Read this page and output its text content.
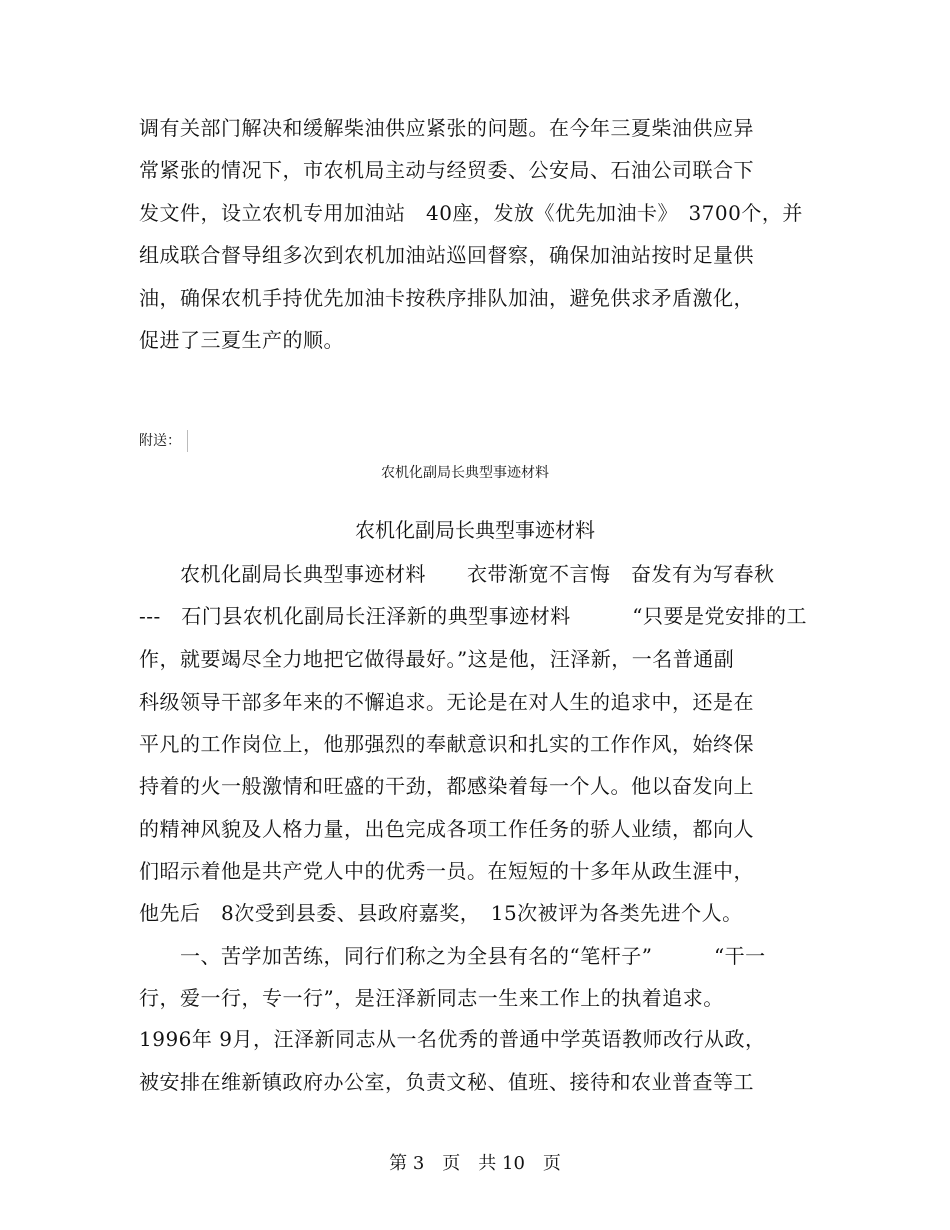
调有关部门解决和缓解柴油供应紧张的问题。在今年三夏柴油供应异
常紧张的情况下，市农机局主动与经贸委、公安局、石油公司联合下
发文件，设立农机专用加油站　40座，发放《优先加油卡》　3700个，并
组成联合督导组多次到农机加油站巡回督察，确保加油站按时足量供
油，确保农机手持优先加油卡按秩序排队加油，避免供求矛盾激化，
促进了三夏生产的顺。
附送：
农机化副局长典型事迹材料
农机化副局长典型事迹材料
　　农机化副局长典型事迹材料　　衣带渐宽不言悔　奋发有为写春秋
---　石门县农机化副局长汪泽新的典型事迹材料　　　“只要是党安排的工
作，就要竭尽全力地把它做得最好。”这是他，汪泽新，一名普通副
科级领导干部多年来的不懈追求。无论是在对人生的追求中，还是在
平凡的工作岗位上，他那强烈的奉献意识和扎实的工作作风，始终保
持着的火一般激情和旺盛的干劲，都感染着每一个人。他以奋发向上
的精神风貌及人格力量，出色完成各项工作任务的骄人业绩，都向人
们昭示着他是共产党人中的优秀一员。在短短的十多年从政生涯中，
他先后　8次受到县委、县政府嘉奖，　15次被评为各类先进个人。
　　一、苦学加苦练，同行们称之为全县有名的“笔杆子”　　　“干一
行，爱一行，专一行”，是汪泽新同志一生来工作上的执着追求。
1996年 9月，汪泽新同志从一名优秀的普通中学英语教师改行从政，
被安排在维新镇政府办公室，负责文秘、值班、接待和农业普查等工
第 3　页　共 10　页
